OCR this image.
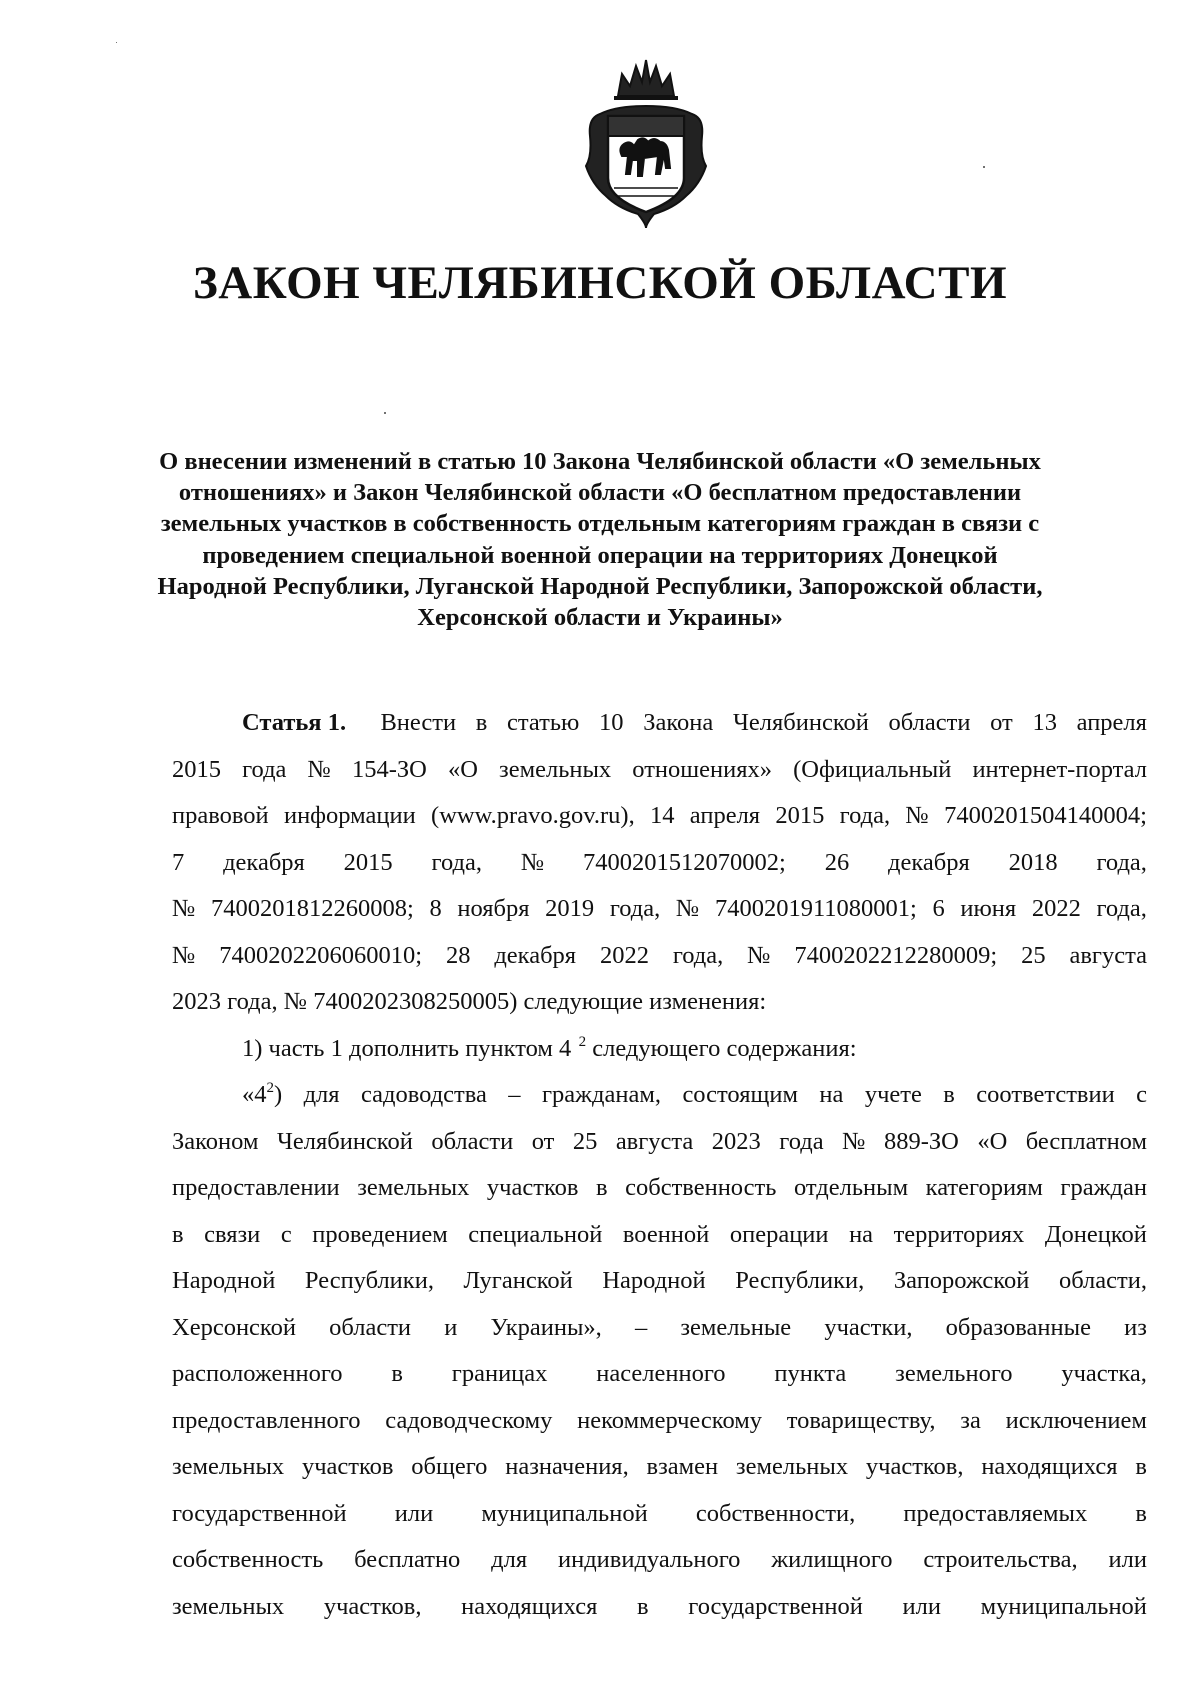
ЗАКОН ЧЕЛЯБИНСКОЙ ОБЛАСТИ
О внесении изменений в статью 10 Закона Челябинской области «О земельных
отношениях» и Закон Челябинской области «О бесплатном предоставлении
земельных участков в собственность отдельным категориям граждан в связи с
проведением специальной военной операции на территориях Донецкой
Народной Республики, Луганской Народной Республики, Запорожской области,
Херсонской области и Украины»
Статья 1. Внести в статью 10 Закона Челябинской области от 13 апреля
2015 года № 154-ЗО «О земельных отношениях» (Официальный интернет-портал
правовой информации (www.pravo.gov.ru), 14 апреля 2015 года, № 7400201504140004;
7 декабря 2015 года, № 7400201512070002; 26 декабря 2018 года,
№ 7400201812260008; 8 ноября 2019 года, № 7400201911080001; 6 июня 2022 года,
№ 7400202206060010; 28 декабря 2022 года, № 7400202212280009; 25 августа
2023 года, № 7400202308250005) следующие изменения:
1) часть 1 дополнить пунктом 4 $^2$ следующего содержания:
«$4^2$) для садоводства – гражданам, состоящим на учете в соответствии с
Законом Челябинской области от 25 августа 2023 года № 889-ЗО «О бесплатном
предоставлении земельных участков в собственность отдельным категориям граждан
в связи с проведением специальной военной операции на территориях Донецкой
Народной Республики, Луганской Народной Республики, Запорожской области,
Херсонской области и Украины», – земельные участки, образованные из
расположенного в границах населенного пункта земельного участка,
предоставленного садоводческому некоммерческому товариществу, за исключением
земельных участков общего назначения, взамен земельных участков, находящихся в
государственной или муниципальной собственности, предоставляемых в
собственность бесплатно для индивидуального жилищного строительства, или
земельных участков, находящихся в государственной или муниципальной
